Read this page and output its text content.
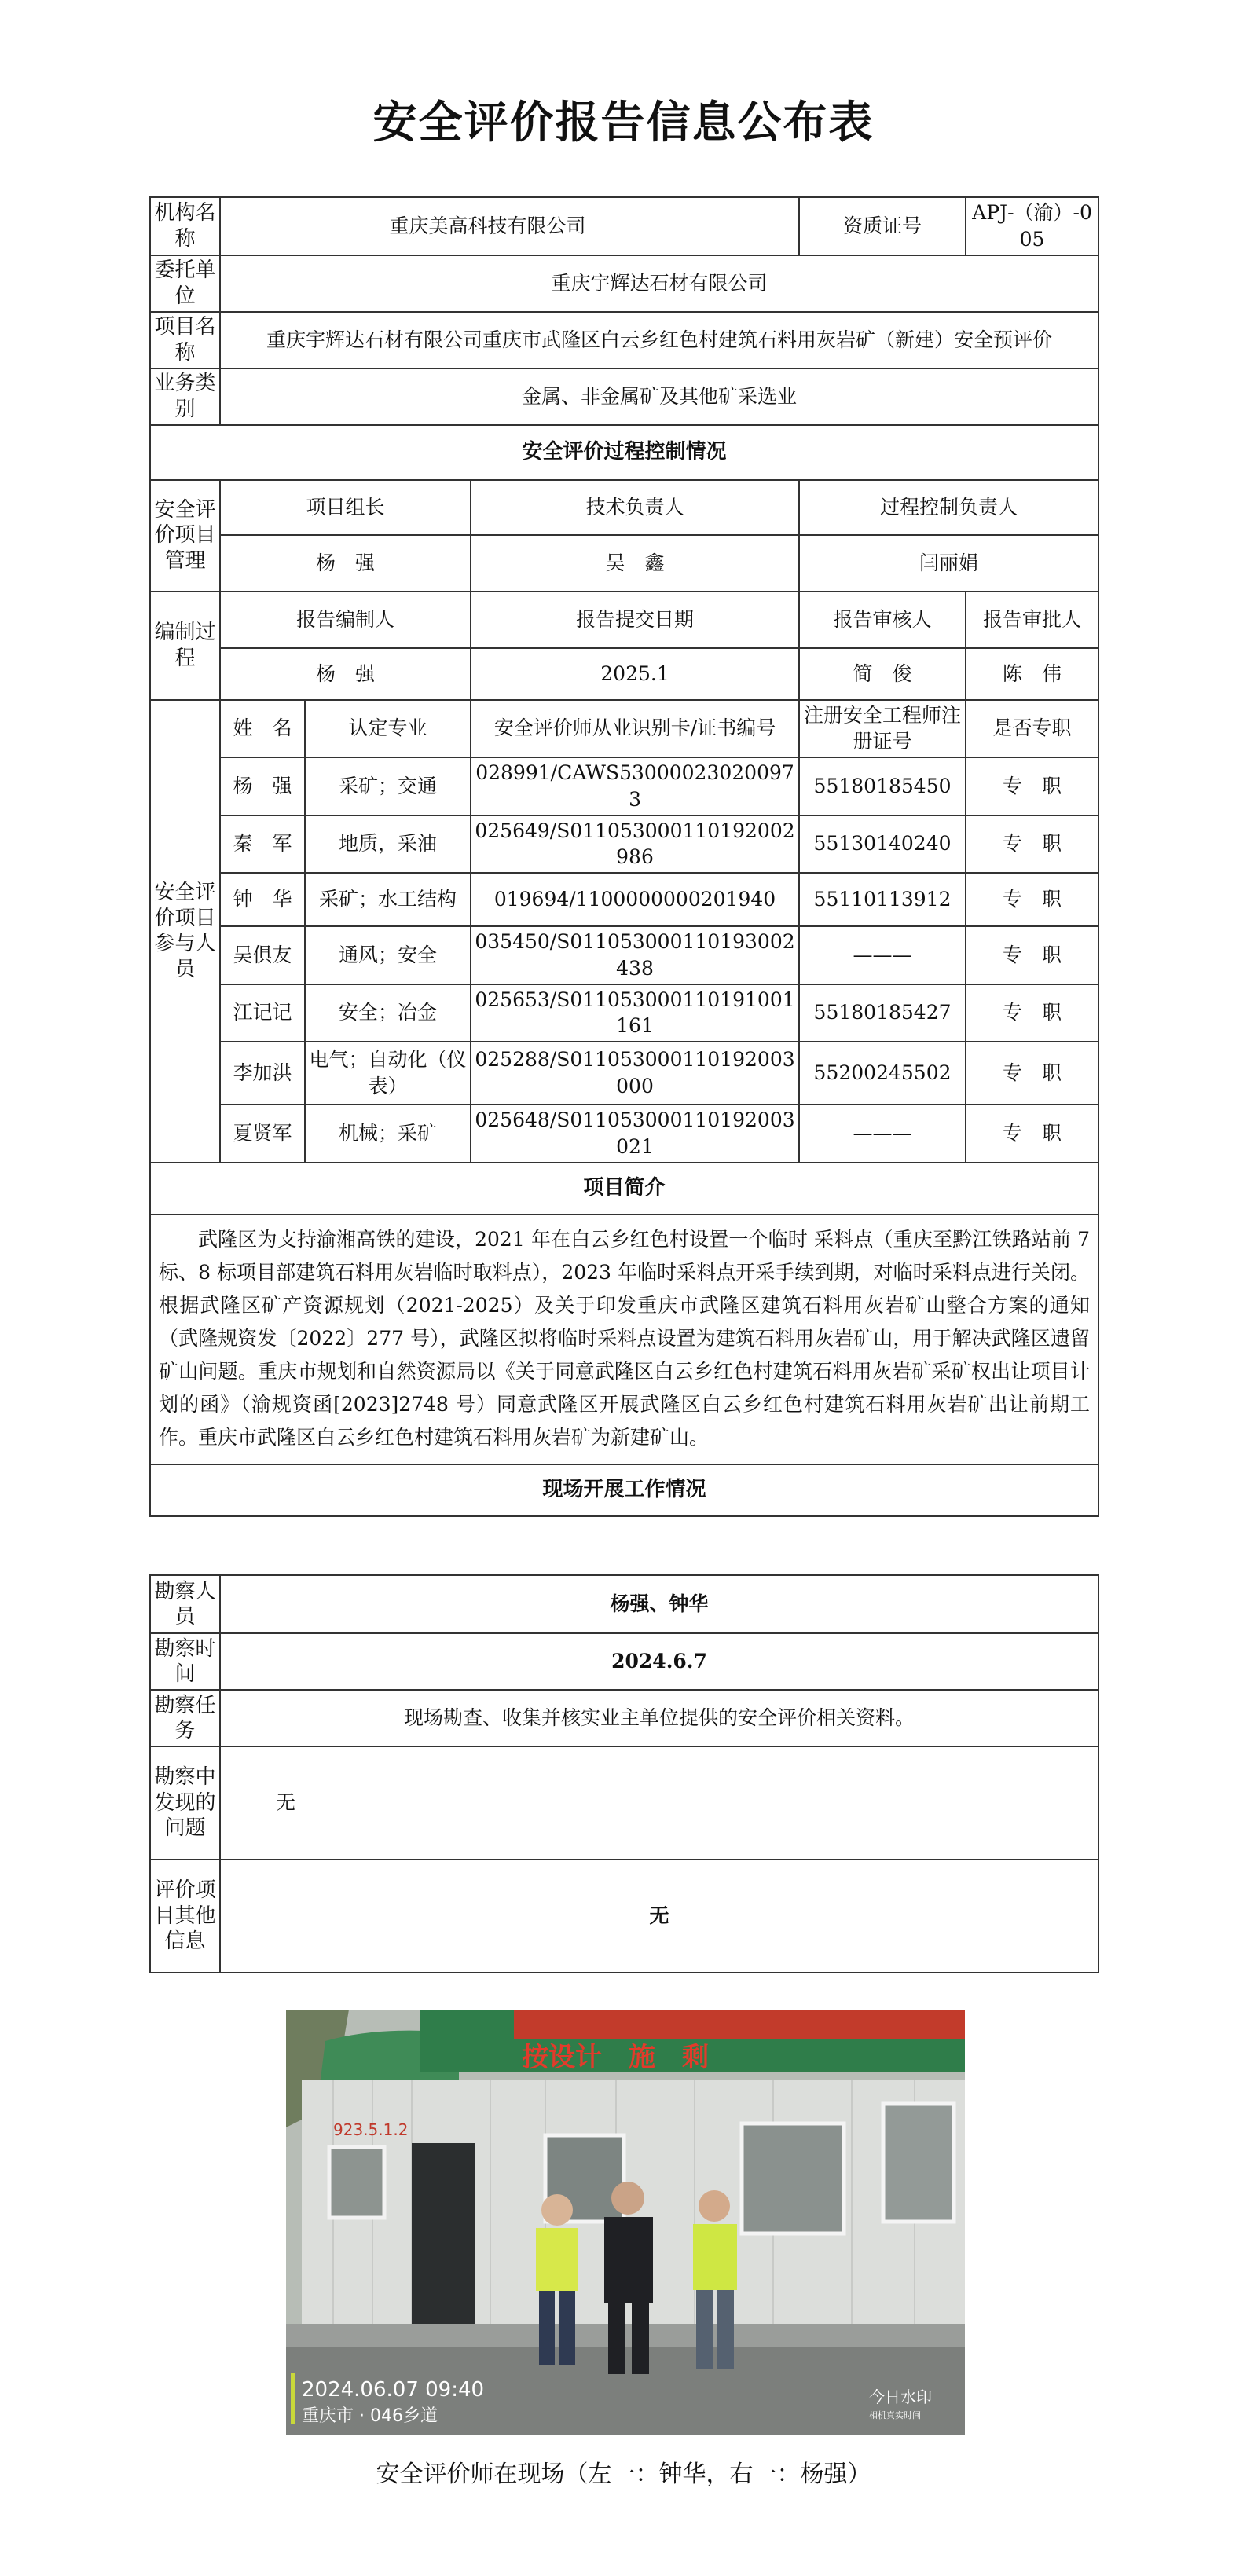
安全评价报告信息公布表
机构名称	重庆美高科技有限公司			资质证号	APJ-（渝）-005
委托单位	重庆宇辉达石材有限公司				
项目名称	重庆宇辉达石材有限公司重庆市武隆区白云乡红色村建筑石料用灰岩矿（新建）安全预评价				
业务类别	金属、非金属矿及其他矿采选业				
安全评价过程控制情况					
安全评价项目管理	项目组长		技术负责人	过程控制负责人	
	杨　强		吴　鑫	闫丽娟	
编制过程	报告编制人		报告提交日期	报告审核人	报告审批人
	杨　强		2025.1	简　俊	陈　伟
安全评价项目参与人员	姓　名	认定专业	安全评价师从业识别卡/证书编号	注册安全工程师注册证号	是否专职
	杨　强	采矿；交通	028991/CAWS530000230200973	55180185450	专　职
	秦　军	地质，采油	025649/S011053000110192002986	55130140240	专　职
	钟　华	采矿；水工结构	019694/1100000000201940	55110113912	专　职
	吴俱友	通风；安全	035450/S011053000110193002438	———	专　职
	江记记	安全；冶金	025653/S011053000110191001161	55180185427	专　职
	李加洪	电气；自动化（仪表）	025288/S011053000110192003000	55200245502	专　职
	夏贤军	机械；采矿	025648/S011053000110192003021	———	专　职
项目简介					
武隆区为支持渝湘高铁的建设，2021 年在白云乡红色村设置一个临时 采料点（重庆至黔江铁路站前 7 标、8 标项目部建筑石料用灰岩临时取料点），2023 年临时采料点开采手续到期，对临时采料点进行关闭。根据武隆区矿产资源规划（2021-2025）及关于印发重庆市武隆区建筑石料用灰岩矿山整合方案的通知（武隆规资发〔2022〕277 号），武隆区拟将临时采料点设置为建筑石料用灰岩矿山，用于解决武隆区遗留矿山问题。重庆市规划和自然资源局以《关于同意武隆区白云乡红色村建筑石料用灰岩矿采矿权出让项目计划的函》（渝规资函[2023]2748 号）同意武隆区开展武隆区白云乡红色村建筑石料用灰岩矿出让前期工作。重庆市武隆区白云乡红色村建筑石料用灰岩矿为新建矿山。					
现场开展工作情况					
勘察人员	杨强、钟华
勘察时间	2024.6.7
勘察任务	现场勘查、收集并核实业主单位提供的安全评价相关资料。
勘察中发现的问题	无
评价项目其他信息	无
按设计　施　剩
923.5.1.2
2024.06.07 09:40
重庆市 · 046乡道
今日水印
相机真实时间
安全评价师在现场（左一：钟华，右一：杨强）
